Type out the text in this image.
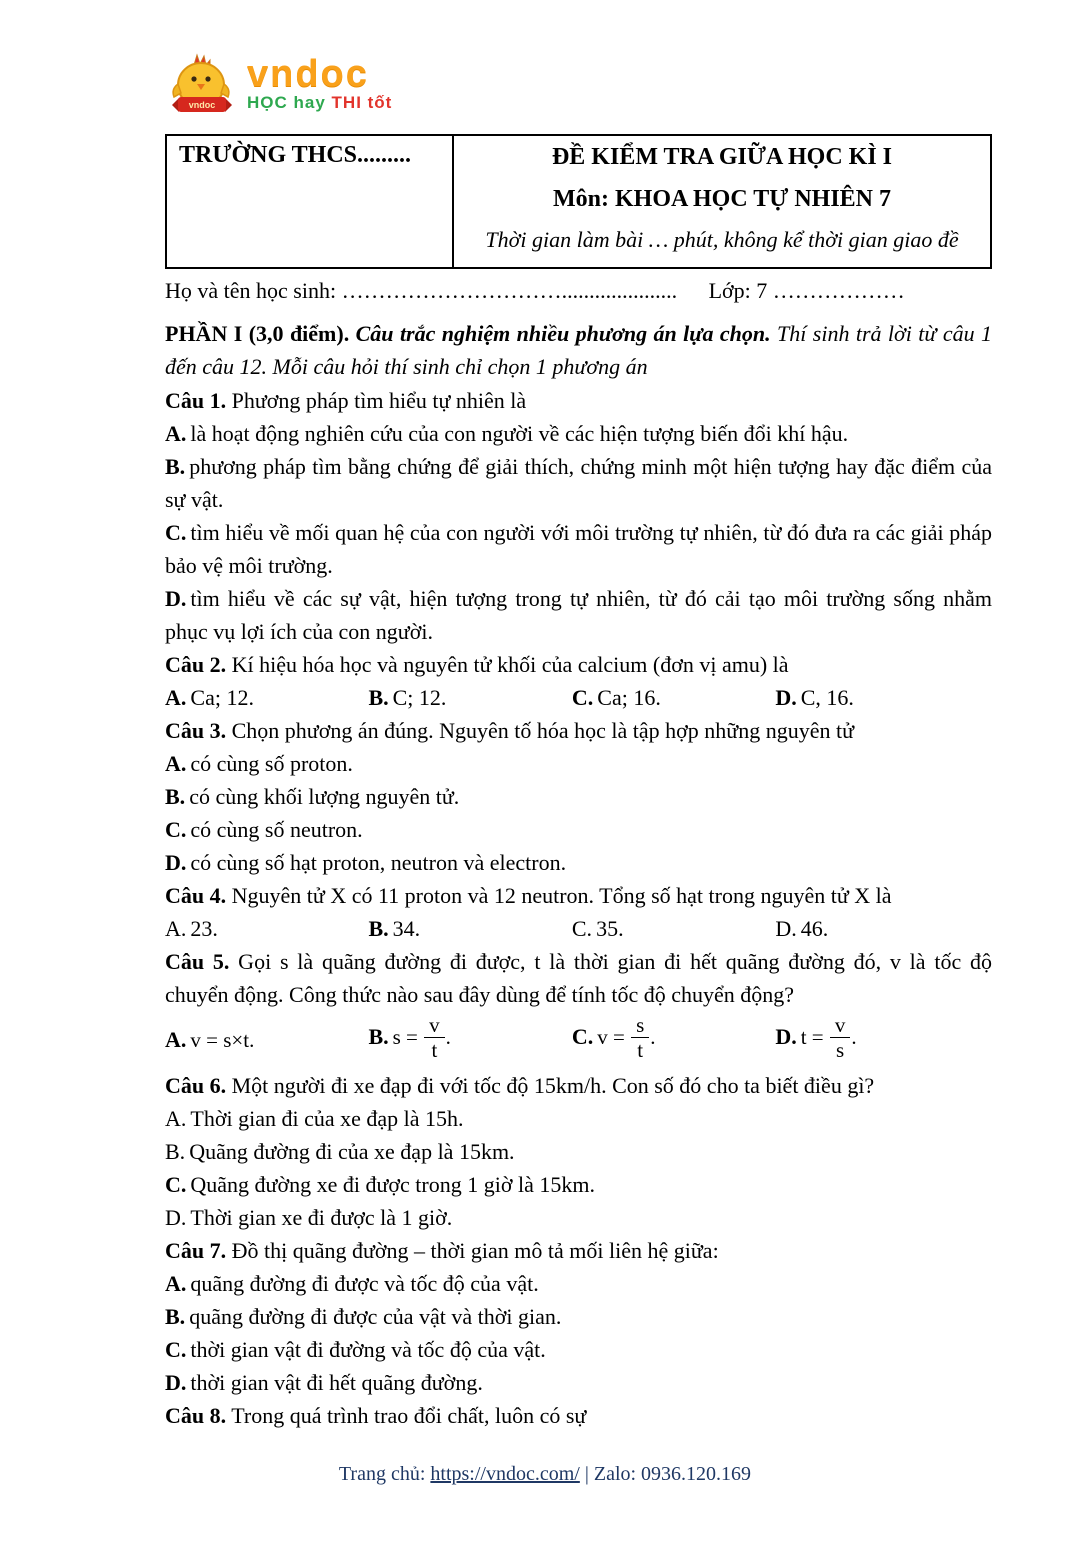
vndoc
vndoc
HỌC hay THI tốt
TRƯỜNG THCS.........	ĐỀ KIỂM TRA GIỮA HỌC KÌ I
Môn: KHOA HỌC TỰ NHIÊN 7
Thời gian làm bài … phút, không kể thời gian giao đề
Họ và tên học sinh: …………………………..................... Lớp: 7 ………………
PHẦN I (3,0 điểm). Câu trắc nghiệm nhiều phương án lựa chọn. Thí sinh trả lời từ câu 1 đến câu 12. Mỗi câu hỏi thí sinh chỉ chọn 1 phương án
Câu 1. Phương pháp tìm hiểu tự nhiên là
A. là hoạt động nghiên cứu của con người về các hiện tượng biến đổi khí hậu.
B. phương pháp tìm bằng chứng để giải thích, chứng minh một hiện tượng hay đặc điểm của sự vật.
C. tìm hiểu về mối quan hệ của con người với môi trường tự nhiên, từ đó đưa ra các giải pháp bảo vệ môi trường.
D. tìm hiểu về các sự vật, hiện tượng trong tự nhiên, từ đó cải tạo môi trường sống nhằm phục vụ lợi ích của con người.
Câu 2. Kí hiệu hóa học và nguyên tử khối của calcium (đơn vị amu) là
A. Ca; 12.	B. C; 12.	C. Ca; 16.	D. C, 16.
Câu 3. Chọn phương án đúng. Nguyên tố hóa học là tập hợp những nguyên tử
A. có cùng số proton.
B. có cùng khối lượng nguyên tử.
C. có cùng số neutron.
D. có cùng số hạt proton, neutron và electron.
Câu 4. Nguyên tử X có 11 proton và 12 neutron. Tổng số hạt trong nguyên tử X là
A. 23.	B. 34.	C. 35.	D. 46.
Câu 5. Gọi s là quãng đường đi được, t là thời gian đi hết quãng đường đó, v là tốc độ chuyển động. Công thức nào sau đây dùng để tính tốc độ chuyển động?
A. v = s×t.	B. $s = \frac{v}{t}$ .	C. $v = \frac{s}{t}$ .	D. $t = \frac{v}{s}$ .
Câu 6. Một người đi xe đạp đi với tốc độ 15km/h. Con số đó cho ta biết điều gì?
A. Thời gian đi của xe đạp là 15h.
B. Quãng đường đi của xe đạp là 15km.
C. Quãng đường xe đi được trong 1 giờ là 15km.
D. Thời gian xe đi được là 1 giờ.
Câu 7. Đồ thị quãng đường – thời gian mô tả mối liên hệ giữa:
A. quãng đường đi được và tốc độ của vật.
B. quãng đường đi được của vật và thời gian.
C. thời gian vật đi đường và tốc độ của vật.
D. thời gian vật đi hết quãng đường.
Câu 8. Trong quá trình trao đổi chất, luôn có sự
Trang chủ: https://vndoc.com/ | Zalo: 0936.120.169
